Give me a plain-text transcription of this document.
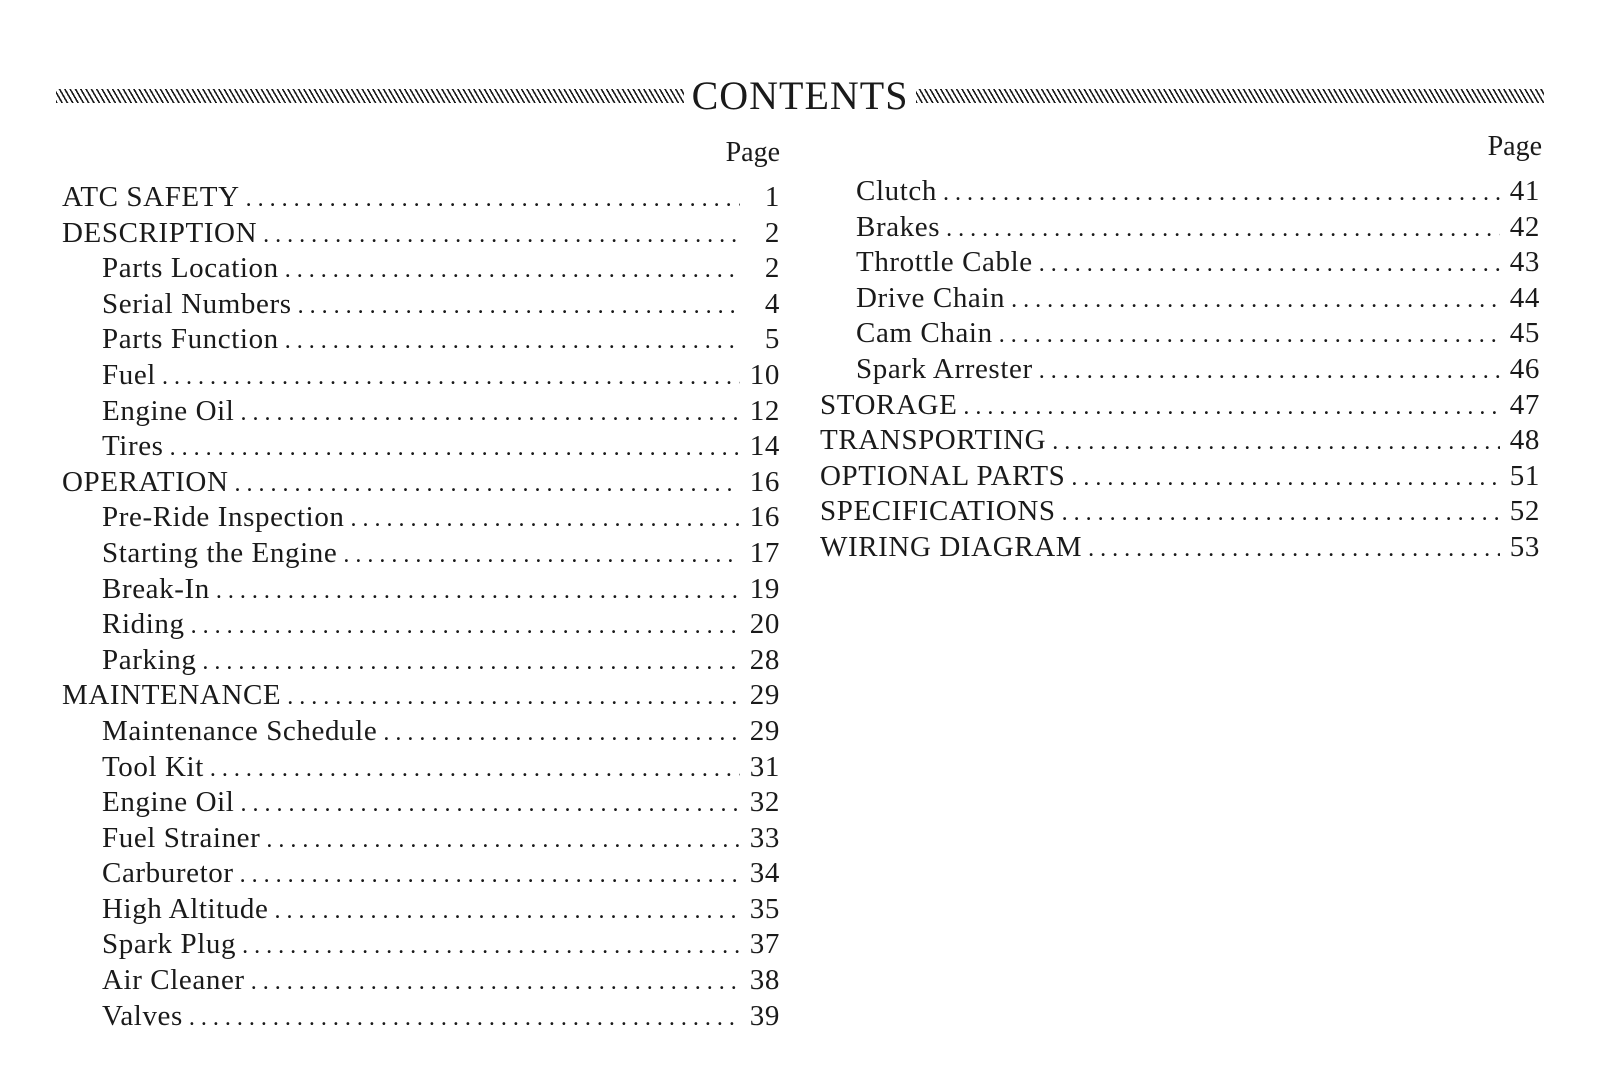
CONTENTS
Page	Page
ATC SAFETY . . .	1
DESCRIPTION . . .	2
Parts Location . . .	2
Serial Numbers . . .	4
Parts Function . . .	5
Fuel . . .	10
Engine Oil . . .	12
Tires . . .	14
OPERATION . . .	16
Pre-Ride Inspection . . .	16
Starting the Engine . . .	17
Break-In . . .	19
Riding . . .	20
Parking . . .	28
MAINTENANCE . . .	29
Maintenance Schedule . . .	29
Tool Kit . . .	31
Engine Oil . . .	32
Fuel Strainer . . .	33
Carburetor . . .	34
High Altitude . . .	35
Spark Plug . . .	37
Air Cleaner . . .	38
Valves . . .	39
Clutch . . .	41
Brakes . . .	42
Throttle Cable . . .	43
Drive Chain . . .	44
Cam Chain . . .	45
Spark Arrester . . .	46
STORAGE . . .	47
TRANSPORTING . . .	48
OPTIONAL PARTS . . .	51
SPECIFICATIONS . . .	52
WIRING DIAGRAM . . .	53
